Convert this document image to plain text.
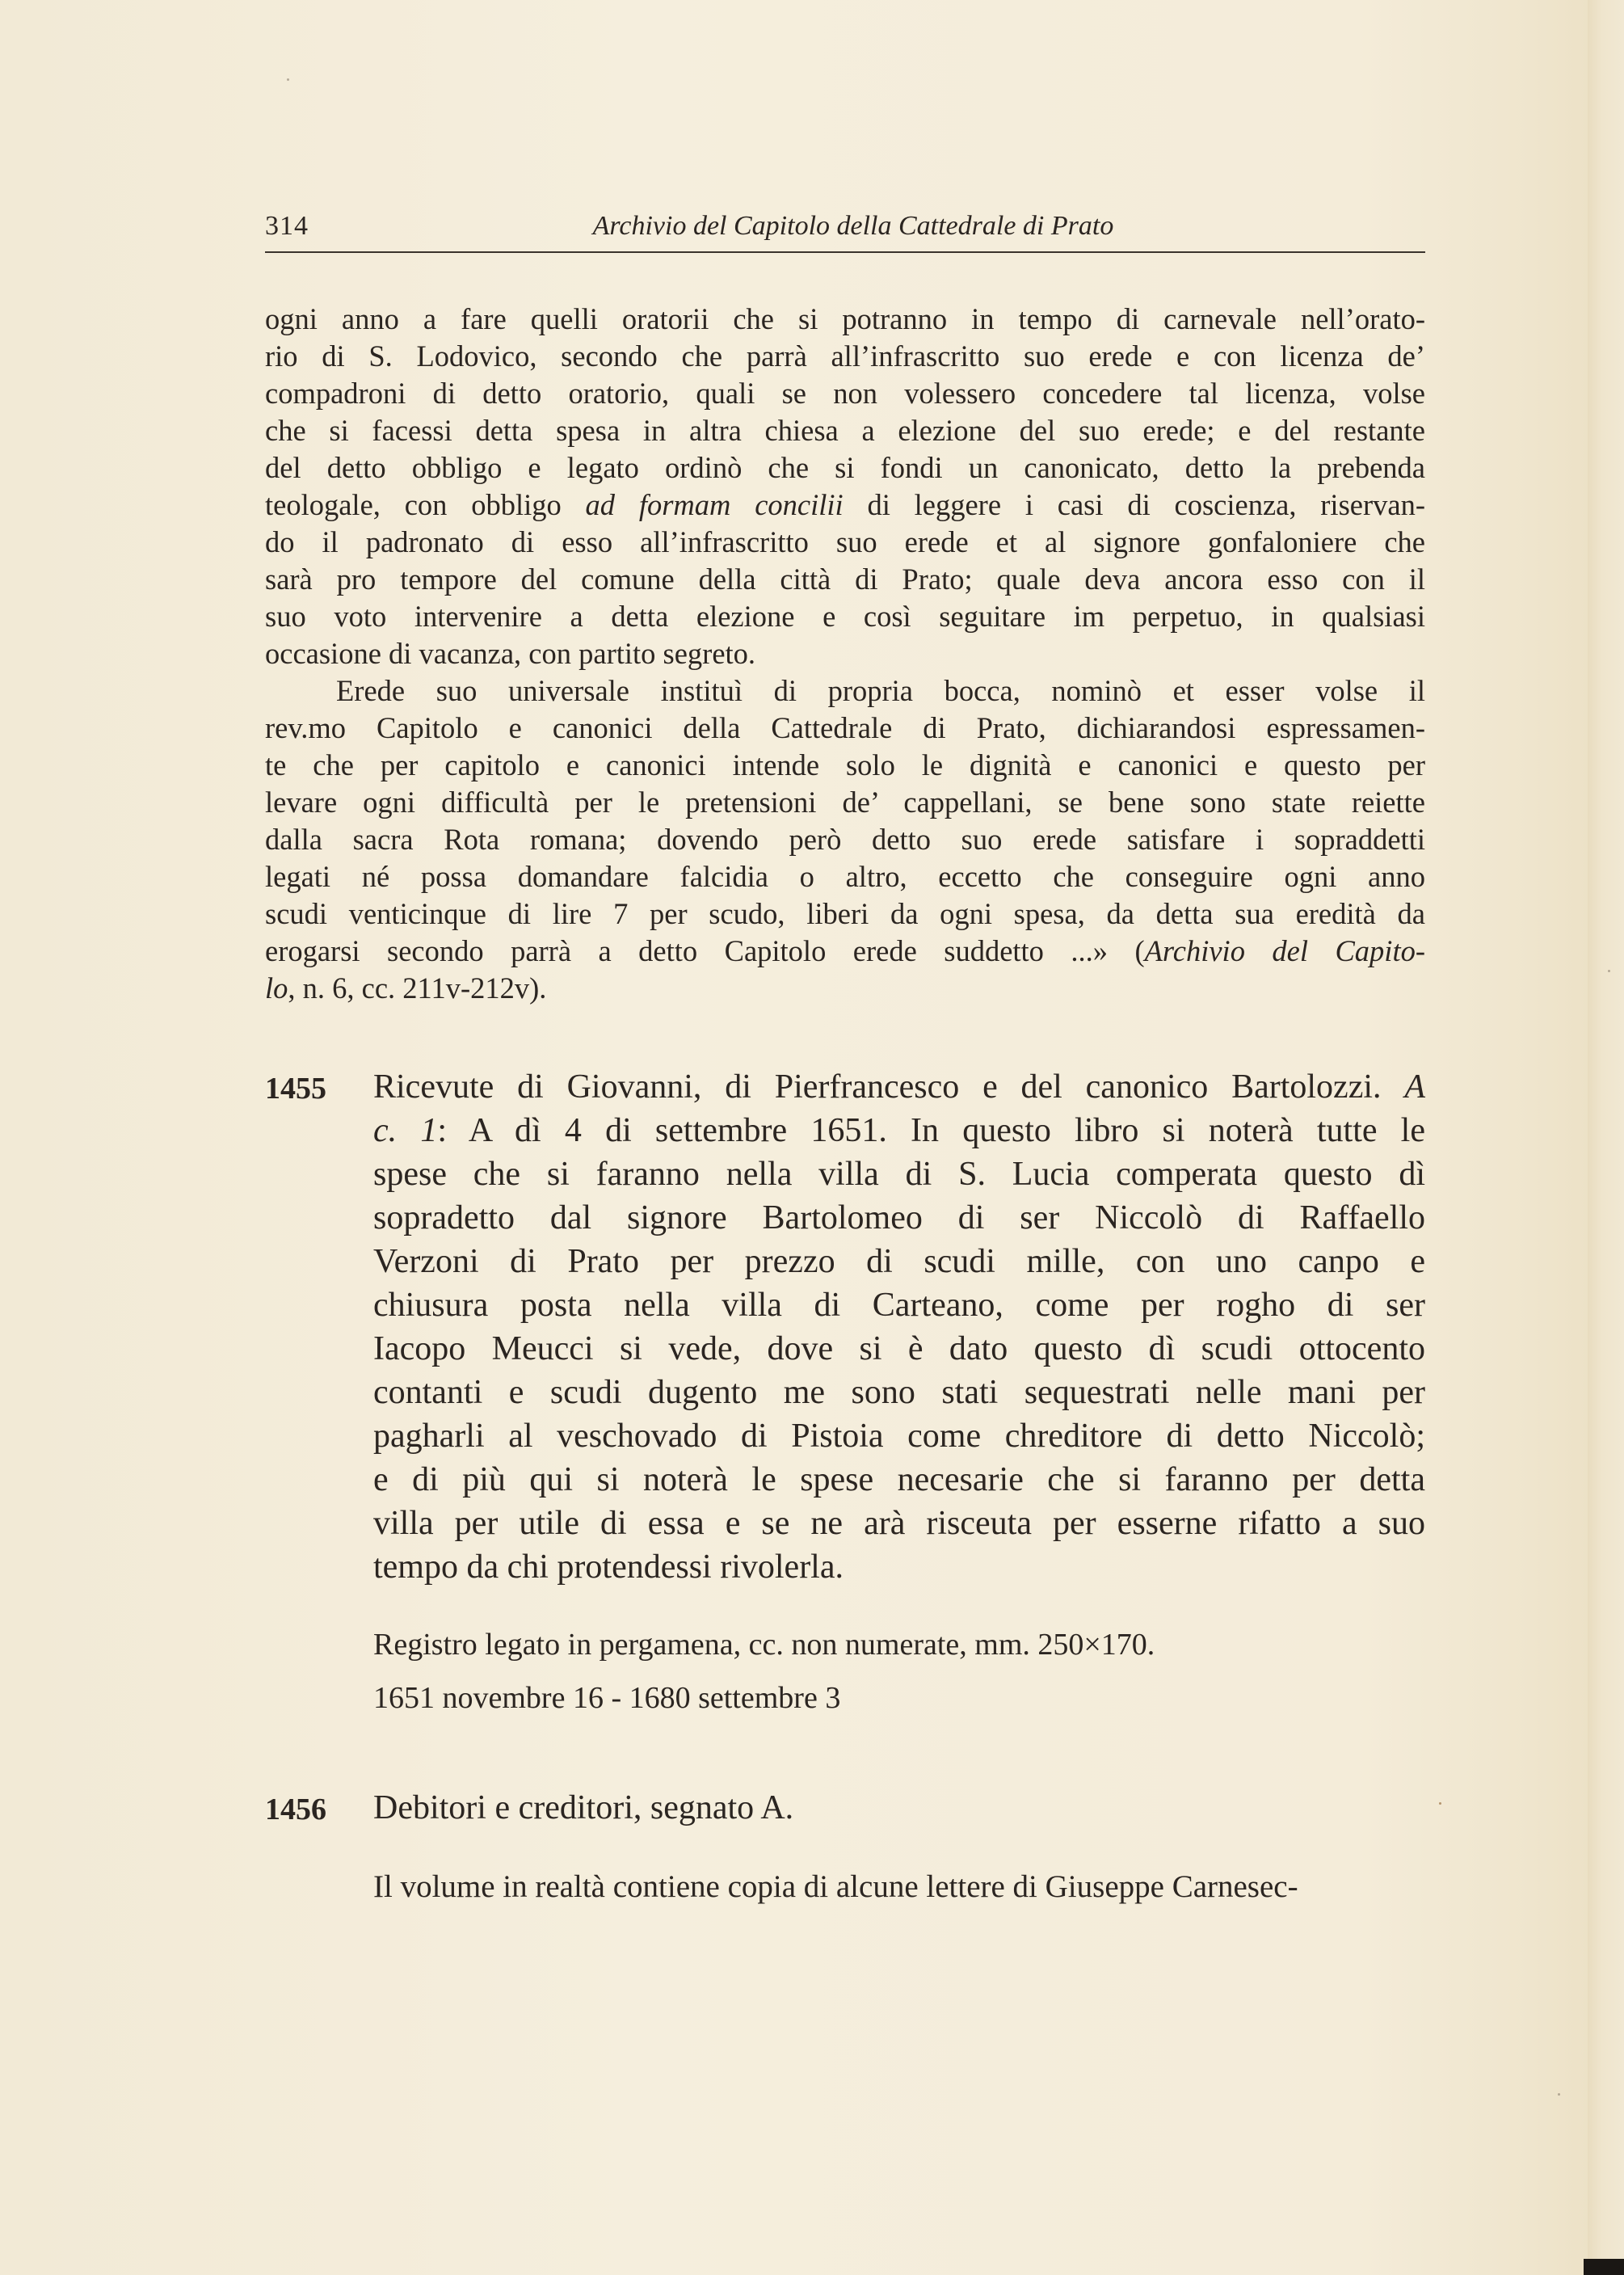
314	Archivio del Capitolo della Cattedrale di Prato
ogni anno a fare quelli oratorii che si potranno in tempo di carnevale nell’orato-
rio di S. Lodovico, secondo che parrà all’infrascritto suo erede e con licenza de’
compadroni di detto oratorio, quali se non volessero concedere tal licenza, volse
che si facessi detta spesa in altra chiesa a elezione del suo erede; e del restante
del detto obbligo e legato ordinò che si fondi un canonicato, detto la prebenda
teologale, con obbligo ad formam concilii di leggere i casi di coscienza, riservan-
do il padronato di esso all’infrascritto suo erede et al signore gonfaloniere che
sarà pro tempore del comune della città di Prato; quale deva ancora esso con il
suo voto intervenire a detta elezione e così seguitare im perpetuo, in qualsiasi
occasione di vacanza, con partito segreto.
Erede suo universale instituì di propria bocca, nominò et esser volse il
rev.mo Capitolo e canonici della Cattedrale di Prato, dichiarandosi espressamen-
te che per capitolo e canonici intende solo le dignità e canonici e questo per
levare ogni difficultà per le pretensioni de’ cappellani, se bene sono state reiette
dalla sacra Rota romana; dovendo però detto suo erede satisfare i sopraddetti
legati né possa domandare falcidia o altro, eccetto che conseguire ogni anno
scudi venticinque di lire 7 per scudo, liberi da ogni spesa, da detta sua eredità da
erogarsi secondo parrà a detto Capitolo erede suddetto ...» (Archivio del Capito-
lo, n. 6, cc. 211v-212v).
1455 Ricevute di Giovanni, di Pierfrancesco e del canonico Bartolozzi. A
c. 1: A dì 4 di settembre 1651. In questo libro si noterà tutte le
spese che si faranno nella villa di S. Lucia comperata questo dì
sopradetto dal signore Bartolomeo di ser Niccolò di Raffaello
Verzoni di Prato per prezzo di scudi mille, con uno canpo e
chiusura posta nella villa di Carteano, come per rogho di ser
Iacopo Meucci si vede, dove si è dato questo dì scudi ottocento
contanti e scudi dugento me sono stati sequestrati nelle mani per
pagharli al veschovado di Pistoia come chreditore di detto Niccolò;
e di più qui si noterà le spese necesarie che si faranno per detta
villa per utile di essa e se ne arà risceuta per esserne rifatto a suo
tempo da chi protendessi rivolerla.
Registro legato in pergamena, cc. non numerate, mm. 250×170.
1651 novembre 16 - 1680 settembre 3
1456 Debitori e creditori, segnato A.
Il volume in realtà contiene copia di alcune lettere di Giuseppe Carnesec-
